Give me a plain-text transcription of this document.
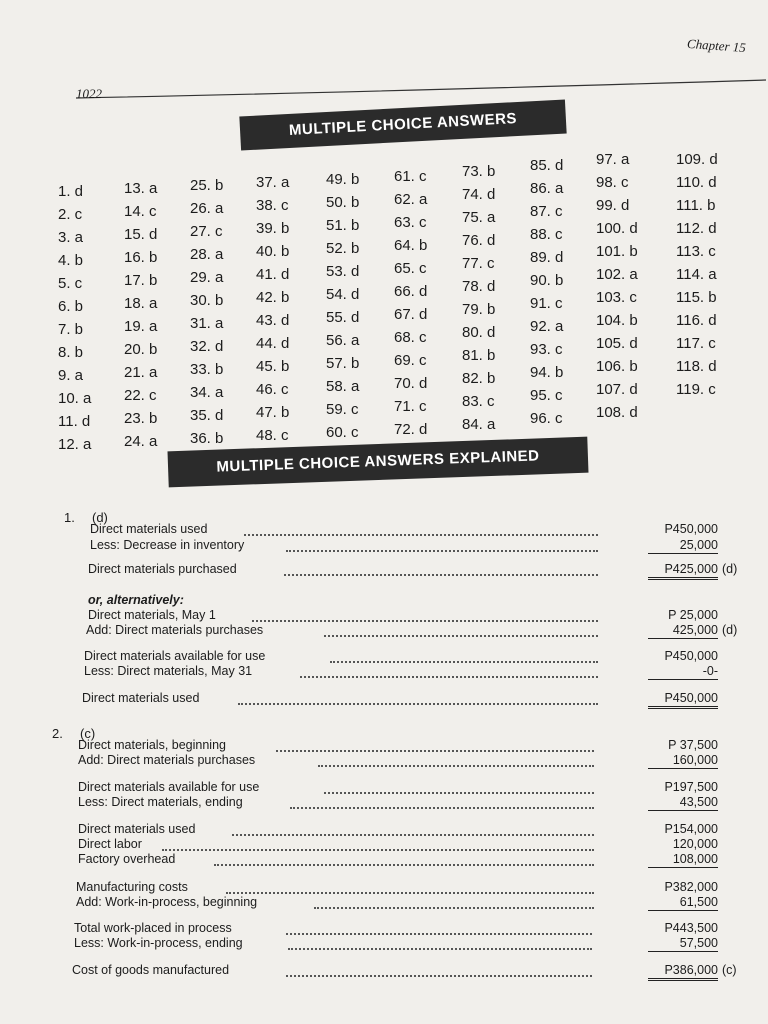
Chapter 15
1022
MULTIPLE CHOICE ANSWERS
1. d
2. c
3. a
4. b
5. c
6. b
7. b
8. b
9. a
10. a
11. d
12. a
13. a
14. c
15. d
16. b
17. b
18. a
19. a
20. b
21. a
22. c
23. b
24. a
25. b
26. a
27. c
28. a
29. a
30. b
31. a
32. d
33. b
34. a
35. d
36. b
37. a
38. c
39. b
40. b
41. d
42. b
43. d
44. d
45. b
46. c
47. b
48. c
49. b
50. b
51. b
52. b
53. d
54. d
55. d
56. a
57. b
58. a
59. c
60. c
61. c
62. a
63. c
64. b
65. c
66. d
67. d
68. c
69. c
70. d
71. c
72. d
73. b
74. d
75. a
76. d
77. c
78. d
79. b
80. d
81. b
82. b
83. c
84. a
85. d
86. a
87. c
88. c
89. d
90. b
91. c
92. a
93. c
94. b
95. c
96. c
97. a
98. c
99. d
100. d
101. b
102. a
103. c
104. b
105. d
106. b
107. d
108. d
109. d
110. d
111. b
112. d
113. c
114. a
115. b
116. d
117. c
118. d
119. c
MULTIPLE CHOICE ANSWERS EXPLAINED
1. (d)
Direct materials used	P450,000
Less: Decrease in inventory	25,000
Direct materials purchased	P425,000 (d)
or, alternatively:
Direct materials, May 1	P 25,000
Add: Direct materials purchases	425,000 (d)
Direct materials available for use	P450,000
Less: Direct materials, May 31	-0-
Direct materials used	P450,000
2. (c)
Direct materials, beginning	P 37,500
Add: Direct materials purchases	160,000
Direct materials available for use	P197,500
Less: Direct materials, ending	43,500
Direct materials used	P154,000
Direct labor	120,000
Factory overhead	108,000
Manufacturing costs	P382,000
Add: Work-in-process, beginning	61,500
Total work-placed in process	P443,500
Less: Work-in-process, ending	57,500
Cost of goods manufactured	P386,000 (c)
